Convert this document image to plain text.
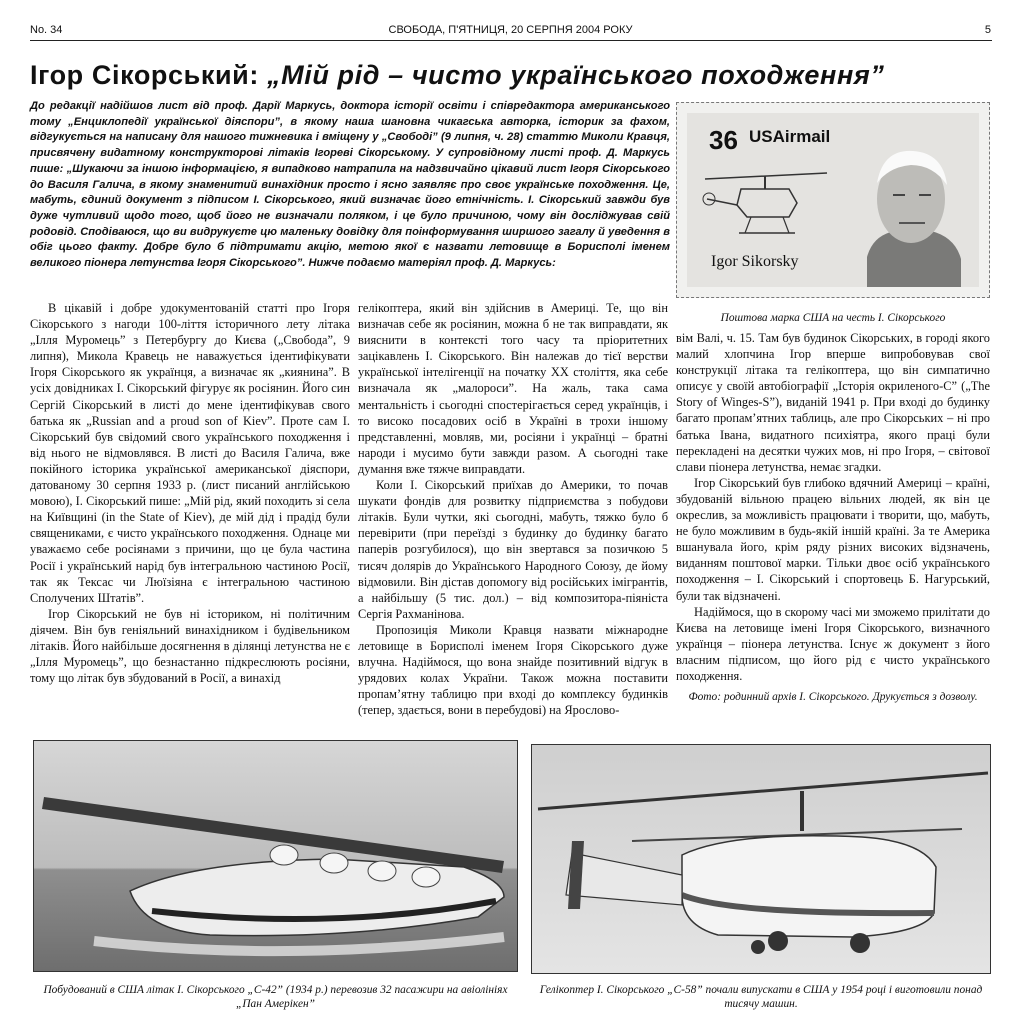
No. 34	СВОБОДА, П'ЯТНИЦЯ, 20 СЕРПНЯ 2004 РОКУ	5
Ігор Сікорський: „Мій рід – чисто українського походження”
До редакції надійшов лист від проф. Дарії Маркусь, доктора історії освіти і співредактора американського тому „Енциклопедії української діяспори”, в якому наша шановна чикагська авторка, історик за фахом, відгукується на написану для нашого тижневика і вміщену у „Свободі” (9 липня, ч. 28) статтю Миколи Кравця, присвячену видатному конструкторові літаків Ігореві Сікорському. У супровідному листі проф. Д. Маркусь пише: „Шукаючи за іншою інформацією, я випадково натрапила на надзвичайно цікавий лист Ігоря Сікорського до Василя Галича, в якому знаменитий винахідник просто і ясно заявляє про своє українське походження. Це, мабуть, єдиний документ з підписом І. Сікорського, який визначає його етнічність. І. Сікорський завжди був дуже чутливий щодо того, щоб його не визначали поляком, і це було причиною, чому він досліджував свій родовід. Сподіваюся, що ви видрукуєте цю маленьку довідку для поінформування ширшого загалу й уведення в обіг цього факту. Добре було б підтримати акцію, метою якої є назвати летовище в Борисполі іменем великого піонера летунства Ігоря Сікорського”. Нижче подаємо матеріял проф. Д. Маркусь:
36 USAirmail
Igor Sikorsky
Поштова марка США на честь І. Сікорського

В цікавій і добре удокументованій статті про Ігоря Сікорського з нагоди 100-ліття історичного лету літака „Ілля Муромець” з Петербургу до Києва („Свобода”, 9 липня), Микола Кравець не наважується ідентифікувати Ігоря Сікорського як українця, а визначає як „киянина”. В усіх довідниках І. Сікорський фігурує як росіянин. Його син Сергій Сікорський в листі до мене ідентифікував свого батька як „Russian and a proud son of Kiev”. Проте сам І. Сікорський був свідомий свого українського походження і від нього не відмовлявся. В листі до Василя Галича, вже покійного історика української американської діяспори, датованому 30 серпня 1933 р. (лист писаний англійською мовою), І. Сікорський пише: „Мій рід, який походить зі села на Київщині (in the State of Kiev), де мій дід і прадід були священиками, є чисто українського походження. Однаце ми уважаємо себе росіянами з причини, що це була частина Росії і український нарід був інтегральною частиною Росії, так як Тексас чи Люїзіяна є інтегральною частиною Сполучених Штатів”.

Ігор Сікорський не був ні істориком, ні політичним діячем. Він був геніяльний винахідником і будівельником літаків. Його найбільше досягнення в ділянці летунства не є „Ілля Муромець”, що безнастанно підкреслюють росіяни, тому що літак був збудований в Росії, а винахід

гелікоптера, який він здійснив в Америці. Те, що він визначав себе як росіянин, можна б не так виправдати, як вияснити в контексті того часу та пріоритетних зацікавлень І. Сікорського. Він належав до тієї верстви української інтелігенції на початку XX століття, яка себе визначала як „малороси”. На жаль, така сама ментальність і сьогодні спостерігається серед українців, і то високо посадових осіб в Україні в трохи іншому представленні, мовляв, ми, росіяни і українці – братні народи і мусимо бути завжди разом. А сьогодні таке думання вже тяжче виправдати.

Коли І. Сікорський приїхав до Америки, то почав шукати фондів для розвитку підприємства з побудови літаків. Були чутки, які сьогодні, мабуть, тяжко було б перевірити (при переїзді з будинку до будинку багато паперів розгубилося), що він звертався за позичкою 5 тисяч долярів до Українського Народного Союзу, де йому відмовили. Він дістав допомогу від російських імігрантів, а найбільшу (5 тис. дол.) – від композитора-піяніста Сергія Рахманінова.

Пропозиція Миколи Кравця назвати міжнародне летовище в Борисполі іменем Ігоря Сікорського дуже влучна. Надіймося, що вона знайде позитивний відгук в урядових колах України. Також можна поставити пропам’ятну таблицю при вході до комплексу будинків (тепер, здається, вони в перебудові) на Ярослово-

вім Валі, ч. 15. Там був будинок Сікорських, в городі якого малий хлопчина Ігор вперше випробовував свої конструкції літака та гелікоптера, що він симпатично описує у своїй автобіографії „Історія окриленого-С” („The Story of Winges-S”), виданій 1941 р. При вході до будинку багато пропам’ятних таблиць, але про Сікорських – ні про батька Івана, видатного психіятра, якого праці були перекладені на десятки чужих мов, ні про Ігоря, – світової слави піонера летунства, немає згадки.

Ігор Сікорський був глибоко вдячний Америці – країні, збудованій вільною працею вільних людей, як він це окреслив, за можливість працювати і творити, що, мабуть, не було можливим в будь-якій іншій країні. За те Америка вшанувала його, крім ряду різних високих відзначень, виданням поштової марки. Тільки двоє осіб українського походження – І. Сікорський і спортовець Б. Нагурський, були так відзначені.

Надіймося, що в скорому часі ми зможемо прилітати до Києва на летовище імені Ігоря Сікорського, визначного українця – піонера летунства. Існує ж документ з його власним підписом, що його рід є чисто українського походження.

Фото: родинний архів І. Сікорського. Друкується з дозволу.

Побудований в США літак І. Сікорського „С-42” (1934 р.) перевозив 32 пасажири на авіолініях „Пан Амерікен”
Гелікоптер І. Сікорського „С-58” почали випускати в США у 1954 році і виготовили понад тисячу машин.
